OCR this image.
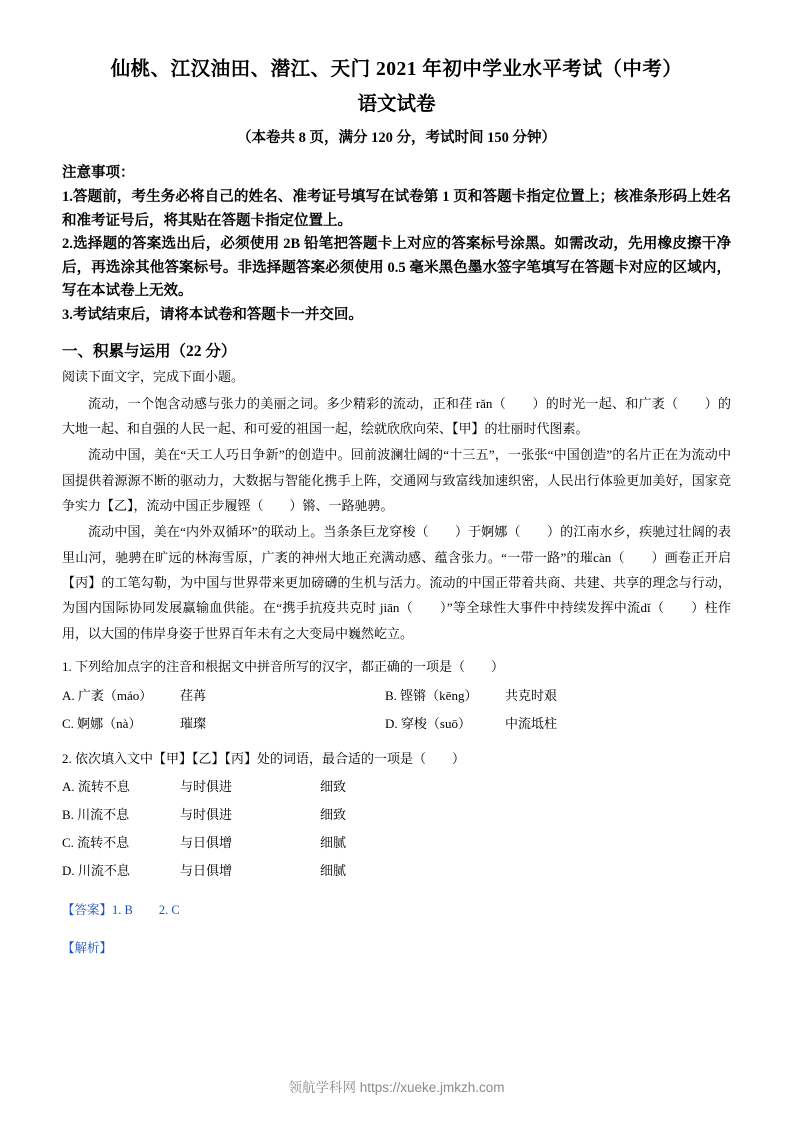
仙桃、江汉油田、潜江、天门 2021 年初中学业水平考试（中考）
语文试卷
（本卷共 8 页，满分 120 分，考试时间 150 分钟）
注意事项：
1.答题前，考生务必将自己的姓名、准考证号填写在试卷第 1 页和答题卡指定位置上；核准条形码上姓名和准考证号后，将其贴在答题卡指定位置上。
2.选择题的答案选出后，必须使用 2B 铅笔把答题卡上对应的答案标号涂黑。如需改动，先用橡皮擦干净后，再选涂其他答案标号。非选择题答案必须使用 0.5 毫米黑色墨水签字笔填写在答题卡对应的区域内，写在本试卷上无效。
3.考试结束后，请将本试卷和答题卡一并交回。
一、积累与运用（22 分）
阅读下面文字，完成下面小题。
流动，一个饱含动感与张力的美丽之词。多少精彩的流动，正和荏 rǎn（　　）的时光一起、和广袤（　　）的大地一起、和自强的人民一起、和可爱的祖国一起，绘就欣欣向荣、【甲】的壮丽时代图素。
流动中国，美在“天工人巧日争新”的创造中。回前波澜壮阔的“十三五”，一张张“中国创造”的名片正在为流动中国提供着源源不断的驱动力，大数据与智能化携手上阵，交通网与致富线加速织密，人民出行体验更加美好，国家竞争实力【乙】，流动中国正步履铿（　　）锵、一路驰骋。
流动中国，美在“内外双循环”的联动上。当条条巨龙穿梭（　　）于婀娜（　　）的江南水乡，疾驰过壮阔的表里山河，驰骋在旷远的林海雪原，广袤的神州大地正充满动感、蕴含张力。“一带一路”的璀càn（　　）画卷正开启【丙】的工笔勾勒，为中国与世界带来更加磅礴的生机与活力。流动的中国正带着共商、共建、共享的理念与行动，为国内国际协同发展赢输血供能。在“携手抗疫共克时 jiān（　　）”等全球性大事件中持续发挥中流dǐ（　　）柱作用，以大国的伟岸身姿于世界百年未有之大变局中巍然屹立。
1. 下列给加点字的注音和根据文中拼音所写的汉字，都正确的一项是（　　）
A. 广袤（máo）	荏苒	B. 铿锵（kēng）	共克时艰
C. 婀娜（nà）	璀璨	D. 穿梭（suō）	中流坻柱
2. 依次填入文中【甲】【乙】【丙】处的词语，最合适的一项是（　　）
A. 流转不息	与时俱进	细致
B. 川流不息	与时俱进	细致
C. 流转不息	与日俱增	细腻
D. 川流不息	与日俱增	细腻
【答案】1. B 2. C
【解析】
领航学科网 https://xueke.jmkzh.com
